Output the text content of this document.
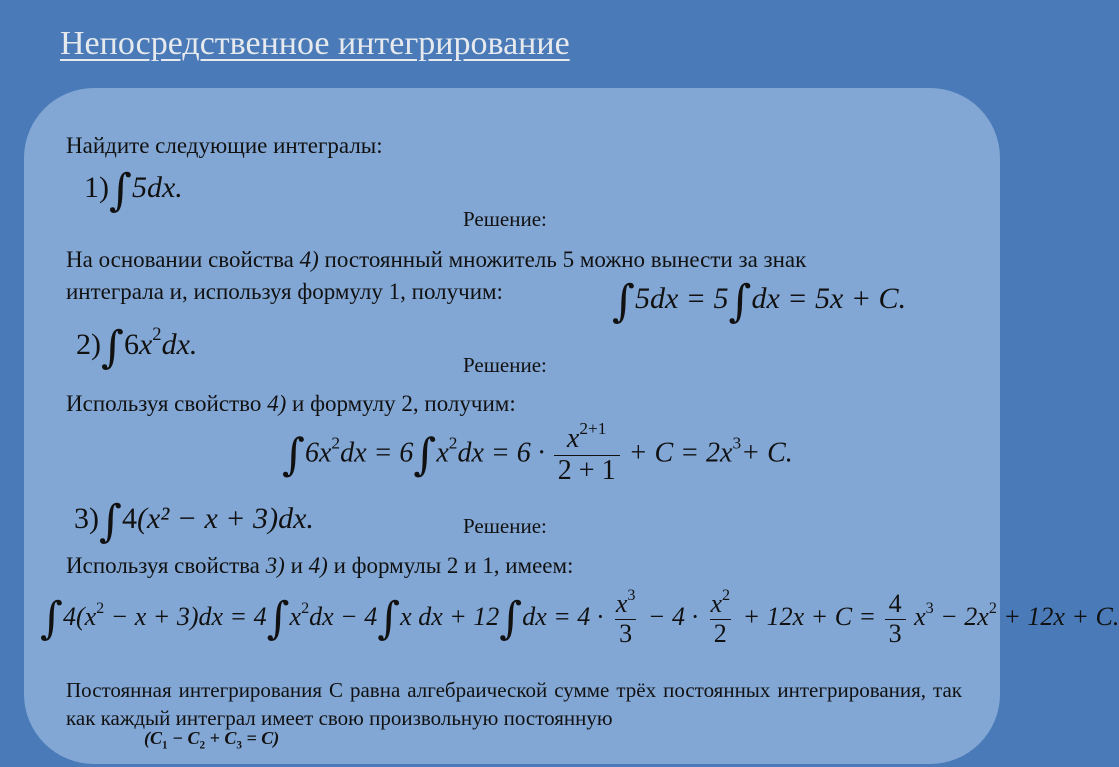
Непосредственное интегрирование
Найдите следующие интегралы:
1)∫5dx.
Решение:
На основании свойства 4) постоянный множитель 5 можно вынести за знак
интеграла и, используя формулу 1, получим: ∫5dx = 5∫dx = 5x + C.
$2)\int 6x^2dx$.
Решение:
Используя свойство 4) и формулу 2, получим:
$\int 6x^2dx = 6\int x^2dx = 6 \cdot \frac{x^{2+1}}{2 + 1} + C = 2x^3+ C$.
3)∫4(x² − x + 3)dx.	Решение:
Используя свойства 3) и 4) и формулы 2 и 1, имеем:
$\int 4(x^2 - x + 3)dx = 4\int x^2dx - 4\int x$ dx + $12\int dx = 4 \cdot \frac{x^3}{3} - 4 \cdot \frac{x^2}{2} + 12x + C = \frac{4}{3} x^3 - 2x^2 + 12x + C$.
Постоянная интегрирования С равна алгебраической сумме трёх постоянных интегрирования, так как каждый интеграл имеет свою произвольную постоянную
$(C_1 - C_2 + C_3 = C)$
